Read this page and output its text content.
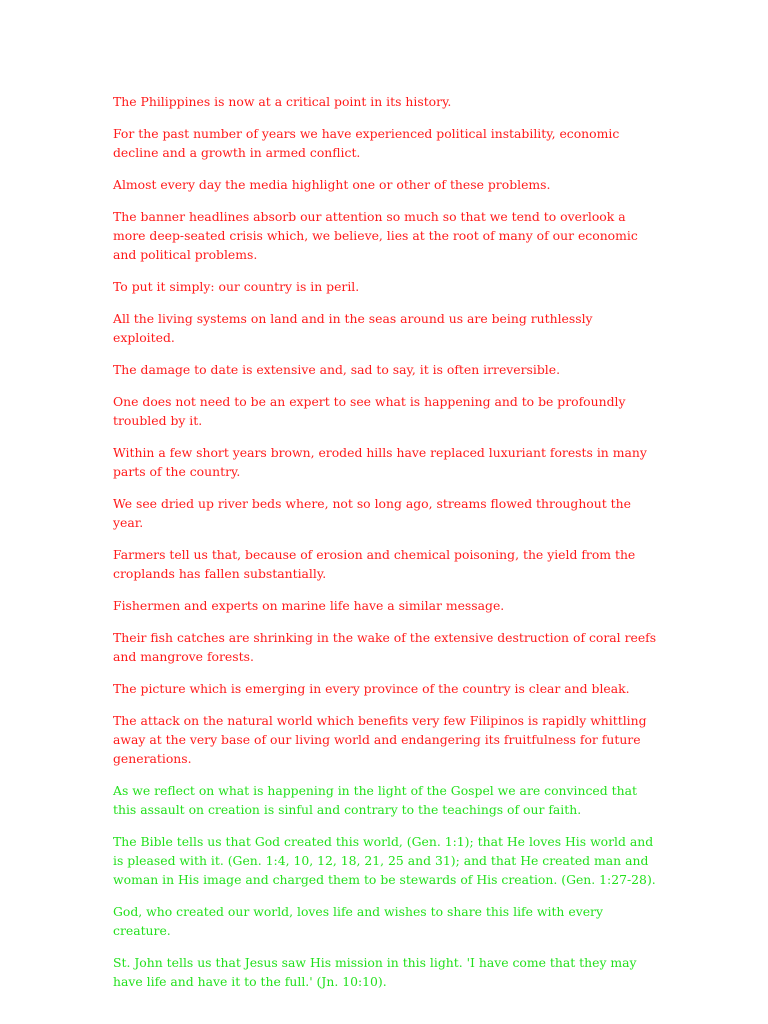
The Philippines is now at a critical point in its history.

For the past number of years we have experienced political instability, economic decline and a growth in armed conflict.

Almost every day the media highlight one or other of these problems.

The banner headlines absorb our attention so much so that we tend to overlook a more deep-seated crisis which, we believe, lies at the root of many of our economic and political problems.

To put it simply: our country is in peril.

All the living systems on land and in the seas around us are being ruthlessly exploited.

The damage to date is extensive and, sad to say, it is often irreversible.

One does not need to be an expert to see what is happening and to be profoundly troubled by it.

Within a few short years brown, eroded hills have replaced luxuriant forests in many parts of the country.

We see dried up river beds where, not so long ago, streams flowed throughout the year.

Farmers tell us that, because of erosion and chemical poisoning, the yield from the croplands has fallen substantially.

Fishermen and experts on marine life have a similar message.

Their fish catches are shrinking in the wake of the extensive destruction of coral reefs and mangrove forests.

The picture which is emerging in every province of the country is clear and bleak.

The attack on the natural world which benefits very few Filipinos is rapidly whittling away at the very base of our living world and endangering its fruitfulness for future generations.

As we reflect on what is happening in the light of the Gospel we are convinced that this assault on creation is sinful and contrary to the teachings of our faith.

The Bible tells us that God created this world, (Gen. 1:1); that He loves His world and is pleased with it. (Gen. 1:4, 10, 12, 18, 21, 25 and 31); and that He created man and woman in His image and charged them to be stewards of His creation. (Gen. 1:27-28).

God, who created our world, loves life and wishes to share this life with every creature.

St. John tells us that Jesus saw His mission in this light. 'I have come that they may have life and have it to the full.' (Jn. 10:10).
